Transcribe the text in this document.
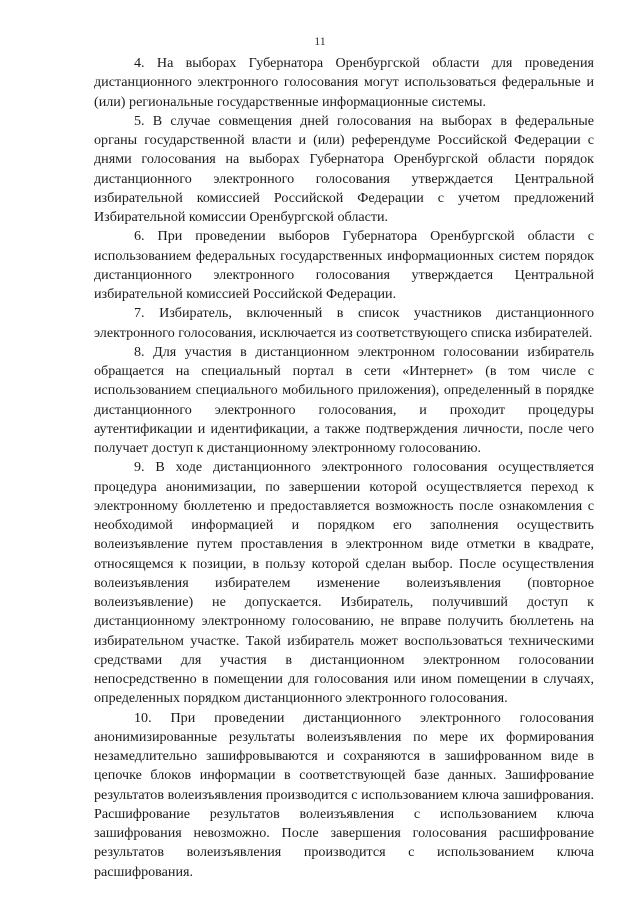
11

4. На выборах Губернатора Оренбургской области для проведения дистанционного электронного голосования могут использоваться федеральные и (или) региональные государственные информационные системы.

5. В случае совмещения дней голосования на выборах в федеральные органы государственной власти и (или) референдуме Российской Федерации с днями голосования на выборах Губернатора Оренбургской области порядок дистанционного электронного голосования утверждается Центральной избирательной комиссией Российской Федерации с учетом предложений Избирательной комиссии Оренбургской области.

6. При проведении выборов Губернатора Оренбургской области с использованием федеральных государственных информационных систем порядок дистанционного электронного голосования утверждается Центральной избирательной комиссией Российской Федерации.

7. Избиратель, включенный в список участников дистанционного электронного голосования, исключается из соответствующего списка избирателей.

8. Для участия в дистанционном электронном голосовании избиратель обращается на специальный портал в сети «Интернет» (в том числе с использованием специального мобильного приложения), определенный в порядке дистанционного электронного голосования, и проходит процедуры аутентификации и идентификации, а также подтверждения личности, после чего получает доступ к дистанционному электронному голосованию.

9. В ходе дистанционного электронного голосования осуществляется процедура анонимизации, по завершении которой осуществляется переход к электронному бюллетеню и предоставляется возможность после ознакомления с необходимой информацией и порядком его заполнения осуществить волеизъявление путем проставления в электронном виде отметки в квадрате, относящемся к позиции, в пользу которой сделан выбор. После осуществления волеизъявления избирателем изменение волеизъявления (повторное волеизъявление) не допускается. Избиратель, получивший доступ к дистанционному электронному голосованию, не вправе получить бюллетень на избирательном участке. Такой избиратель может воспользоваться техническими средствами для участия в дистанционном электронном голосовании непосредственно в помещении для голосования или ином помещении в случаях, определенных порядком дистанционного электронного голосования.

10. При проведении дистанционного электронного голосования анонимизированные результаты волеизъявления по мере их формирования незамедлительно зашифровываются и сохраняются в зашифрованном виде в цепочке блоков информации в соответствующей базе данных. Зашифрование результатов волеизъявления производится с использованием ключа зашифрования. Расшифрование результатов волеизъявления с использованием ключа зашифрования невозможно. После завершения голосования расшифрование результатов волеизъявления производится с использованием ключа расшифрования.
